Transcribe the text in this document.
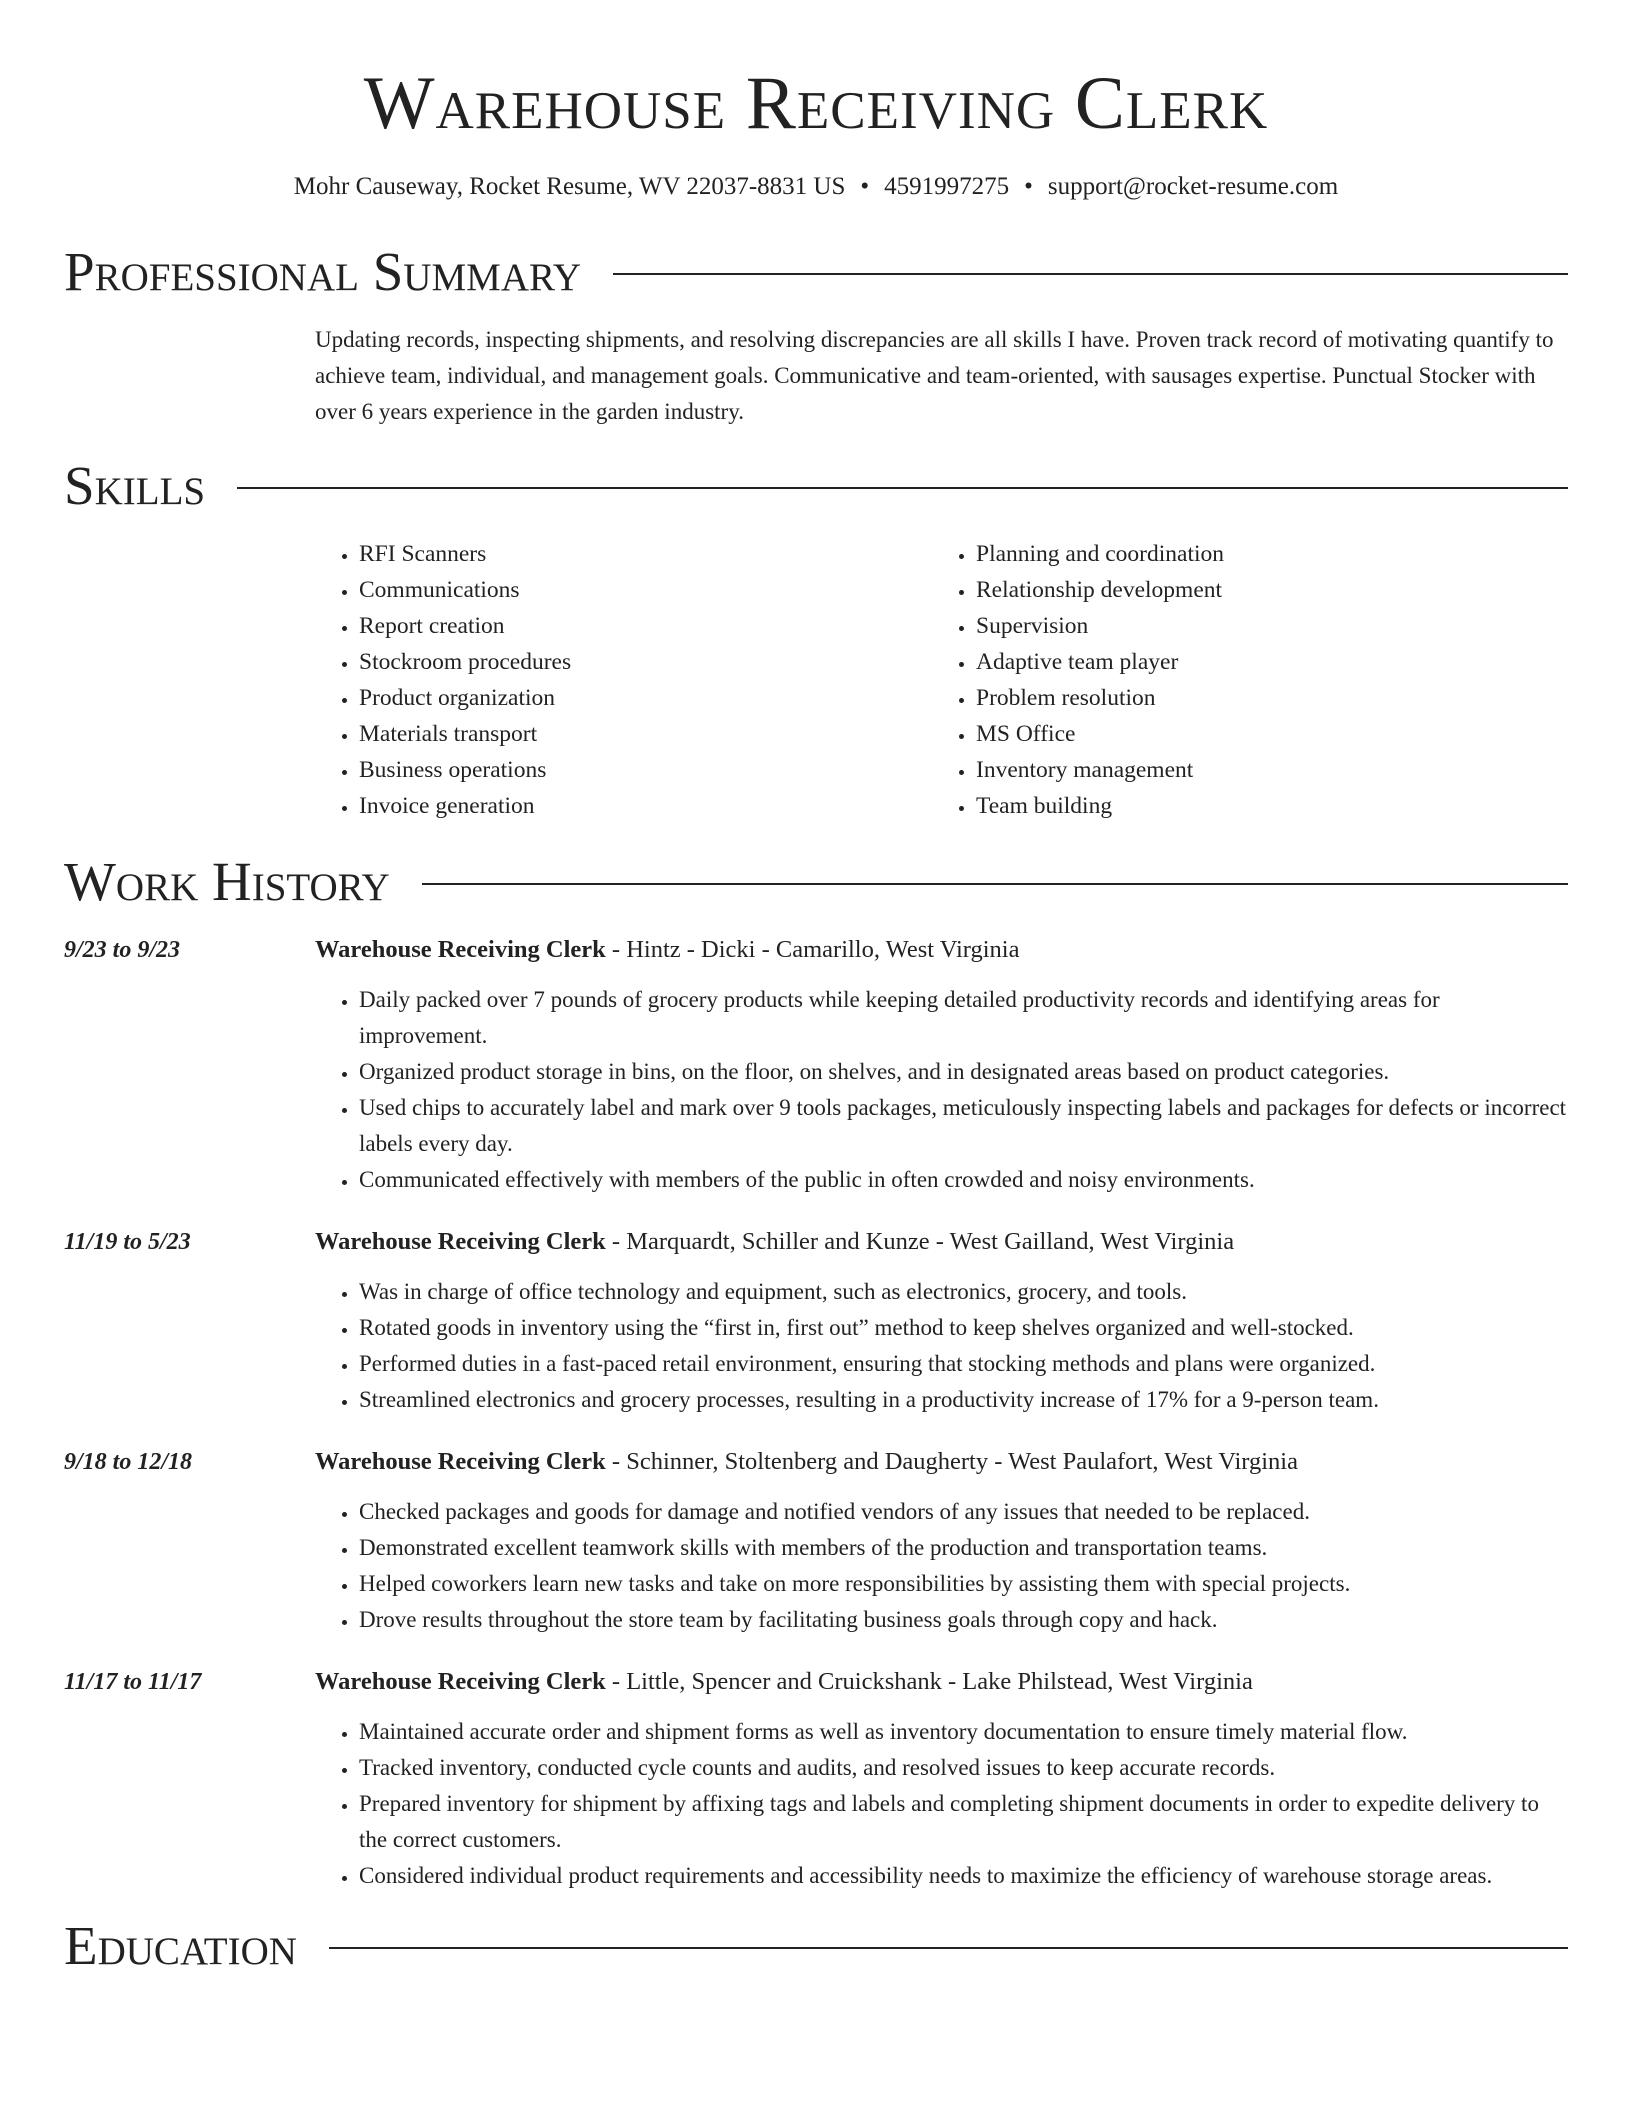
Warehouse Receiving Clerk
Mohr Causeway, Rocket Resume, WV 22037-8831 US • 4591997275 • support@rocket-resume.com
Professional Summary

Updating records, inspecting shipments, and resolving discrepancies are all skills I have. Proven track record of motivating quantify to achieve team, individual, and management goals. Communicative and team-oriented, with sausages expertise. Punctual Stocker with over 6 years experience in the garden industry.

Skills
• RFI Scanners
• Communications
• Report creation
• Stockroom procedures
• Product organization
• Materials transport
• Business operations
• Invoice generation
• Planning and coordination
• Relationship development
• Supervision
• Adaptive team player
• Problem resolution
• MS Office
• Inventory management
• Team building
Work History
9/23 to 9/23	Warehouse Receiving Clerk - Hintz - Dicki - Camarillo, West Virginia
• Daily packed over 7 pounds of grocery products while keeping detailed productivity records and identifying areas for improvement.
• Organized product storage in bins, on the floor, on shelves, and in designated areas based on product categories.
• Used chips to accurately label and mark over 9 tools packages, meticulously inspecting labels and packages for defects or incorrect labels every day.
• Communicated effectively with members of the public in often crowded and noisy environments.
11/19 to 5/23	Warehouse Receiving Clerk - Marquardt, Schiller and Kunze - West Gailland, West Virginia
• Was in charge of office technology and equipment, such as electronics, grocery, and tools.
• Rotated goods in inventory using the “first in, first out” method to keep shelves organized and well-stocked.
• Performed duties in a fast-paced retail environment, ensuring that stocking methods and plans were organized.
• Streamlined electronics and grocery processes, resulting in a productivity increase of 17% for a 9-person team.
9/18 to 12/18	Warehouse Receiving Clerk - Schinner, Stoltenberg and Daugherty - West Paulafort, West Virginia
• Checked packages and goods for damage and notified vendors of any issues that needed to be replaced.
• Demonstrated excellent teamwork skills with members of the production and transportation teams.
• Helped coworkers learn new tasks and take on more responsibilities by assisting them with special projects.
• Drove results throughout the store team by facilitating business goals through copy and hack.
11/17 to 11/17	Warehouse Receiving Clerk - Little, Spencer and Cruickshank - Lake Philstead, West Virginia
• Maintained accurate order and shipment forms as well as inventory documentation to ensure timely material flow.
• Tracked inventory, conducted cycle counts and audits, and resolved issues to keep accurate records.
• Prepared inventory for shipment by affixing tags and labels and completing shipment documents in order to expedite delivery to the correct customers.
• Considered individual product requirements and accessibility needs to maximize the efficiency of warehouse storage areas.
Education
